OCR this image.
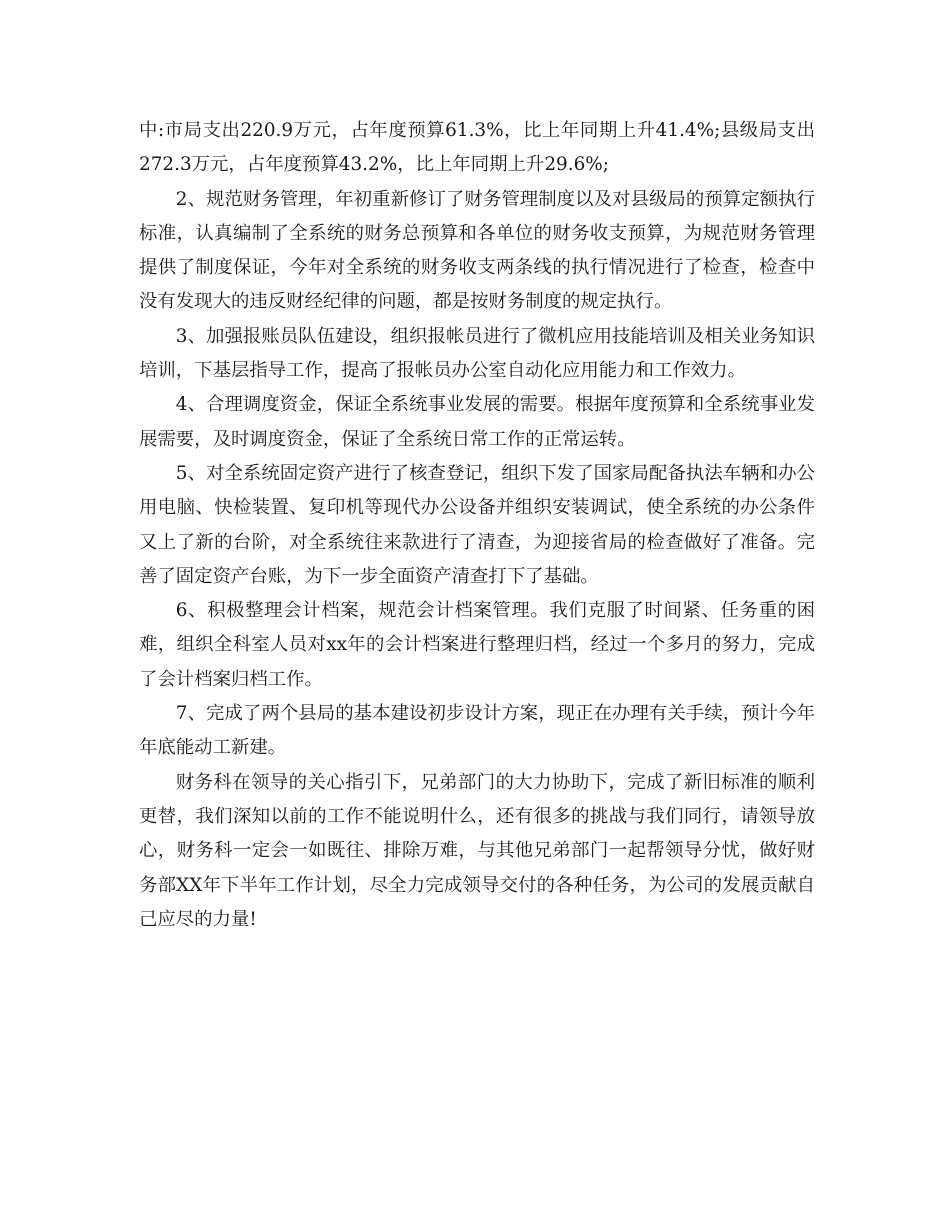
中:市局支出220.9万元，占年度预算61.3%，比上年同期上升41.4%;县级局支出272.3万元，占年度预算43.2%，比上年同期上升29.6%;

2、规范财务管理，年初重新修订了财务管理制度以及对县级局的预算定额执行标准，认真编制了全系统的财务总预算和各单位的财务收支预算，为规范财务管理提供了制度保证，今年对全系统的财务收支两条线的执行情况进行了检查，检查中没有发现大的违反财经纪律的问题，都是按财务制度的规定执行。

3、加强报账员队伍建设，组织报帐员进行了微机应用技能培训及相关业务知识培训，下基层指导工作，提高了报帐员办公室自动化应用能力和工作效力。

4、合理调度资金，保证全系统事业发展的需要。根据年度预算和全系统事业发展需要，及时调度资金，保证了全系统日常工作的正常运转。

5、对全系统固定资产进行了核查登记，组织下发了国家局配备执法车辆和办公用电脑、快检装置、复印机等现代办公设备并组织安装调试，使全系统的办公条件又上了新的台阶，对全系统往来款进行了清查，为迎接省局的检查做好了准备。完善了固定资产台账，为下一步全面资产清查打下了基础。

6、积极整理会计档案，规范会计档案管理。我们克服了时间紧、任务重的困难，组织全科室人员对xx年的会计档案进行整理归档，经过一个多月的努力，完成了会计档案归档工作。

7、完成了两个县局的基本建设初步设计方案，现正在办理有关手续，预计今年年底能动工新建。

财务科在领导的关心指引下，兄弟部门的大力协助下，完成了新旧标准的顺利更替，我们深知以前的工作不能说明什么，还有很多的挑战与我们同行，请领导放心，财务科一定会一如既往、排除万难，与其他兄弟部门一起帮领导分忧，做好财务部XX年下半年工作计划，尽全力完成领导交付的各种任务，为公司的发展贡献自己应尽的力量!
